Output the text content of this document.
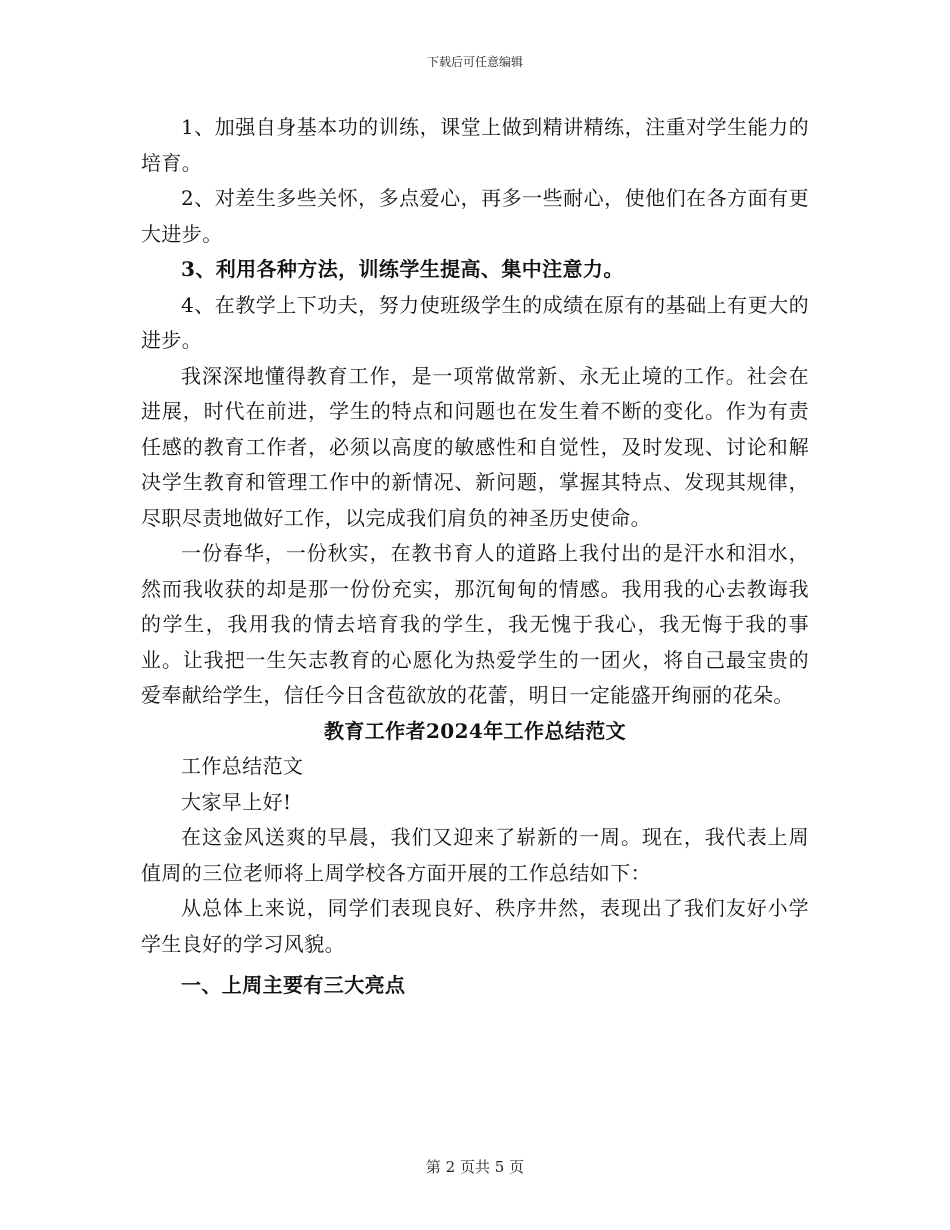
下载后可任意编辑

1、加强自身基本功的训练，课堂上做到精讲精练，注重对学生能力的培育。

2、对差生多些关怀，多点爱心，再多一些耐心，使他们在各方面有更大进步。

3、利用各种方法，训练学生提高、集中注意力。

4、在教学上下功夫，努力使班级学生的成绩在原有的基础上有更大的进步。

我深深地懂得教育工作，是一项常做常新、永无止境的工作。社会在进展，时代在前进，学生的特点和问题也在发生着不断的变化。作为有责任感的教育工作者，必须以高度的敏感性和自觉性，及时发现、讨论和解决学生教育和管理工作中的新情况、新问题，掌握其特点、发现其规律，尽职尽责地做好工作，以完成我们肩负的神圣历史使命。

一份春华，一份秋实，在教书育人的道路上我付出的是汗水和泪水，然而我收获的却是那一份份充实，那沉甸甸的情感。我用我的心去教诲我的学生，我用我的情去培育我的学生，我无愧于我心，我无悔于我的事业。让我把一生矢志教育的心愿化为热爱学生的一团火，将自己最宝贵的爱奉献给学生，信任今日含苞欲放的花蕾，明日一定能盛开绚丽的花朵。

教育工作者2024年工作总结范文

工作总结范文

大家早上好!

在这金风送爽的早晨，我们又迎来了崭新的一周。现在，我代表上周值周的三位老师将上周学校各方面开展的工作总结如下：

从总体上来说，同学们表现良好、秩序井然，表现出了我们友好小学学生良好的学习风貌。

一、上周主要有三大亮点

第 2 页共 5 页
